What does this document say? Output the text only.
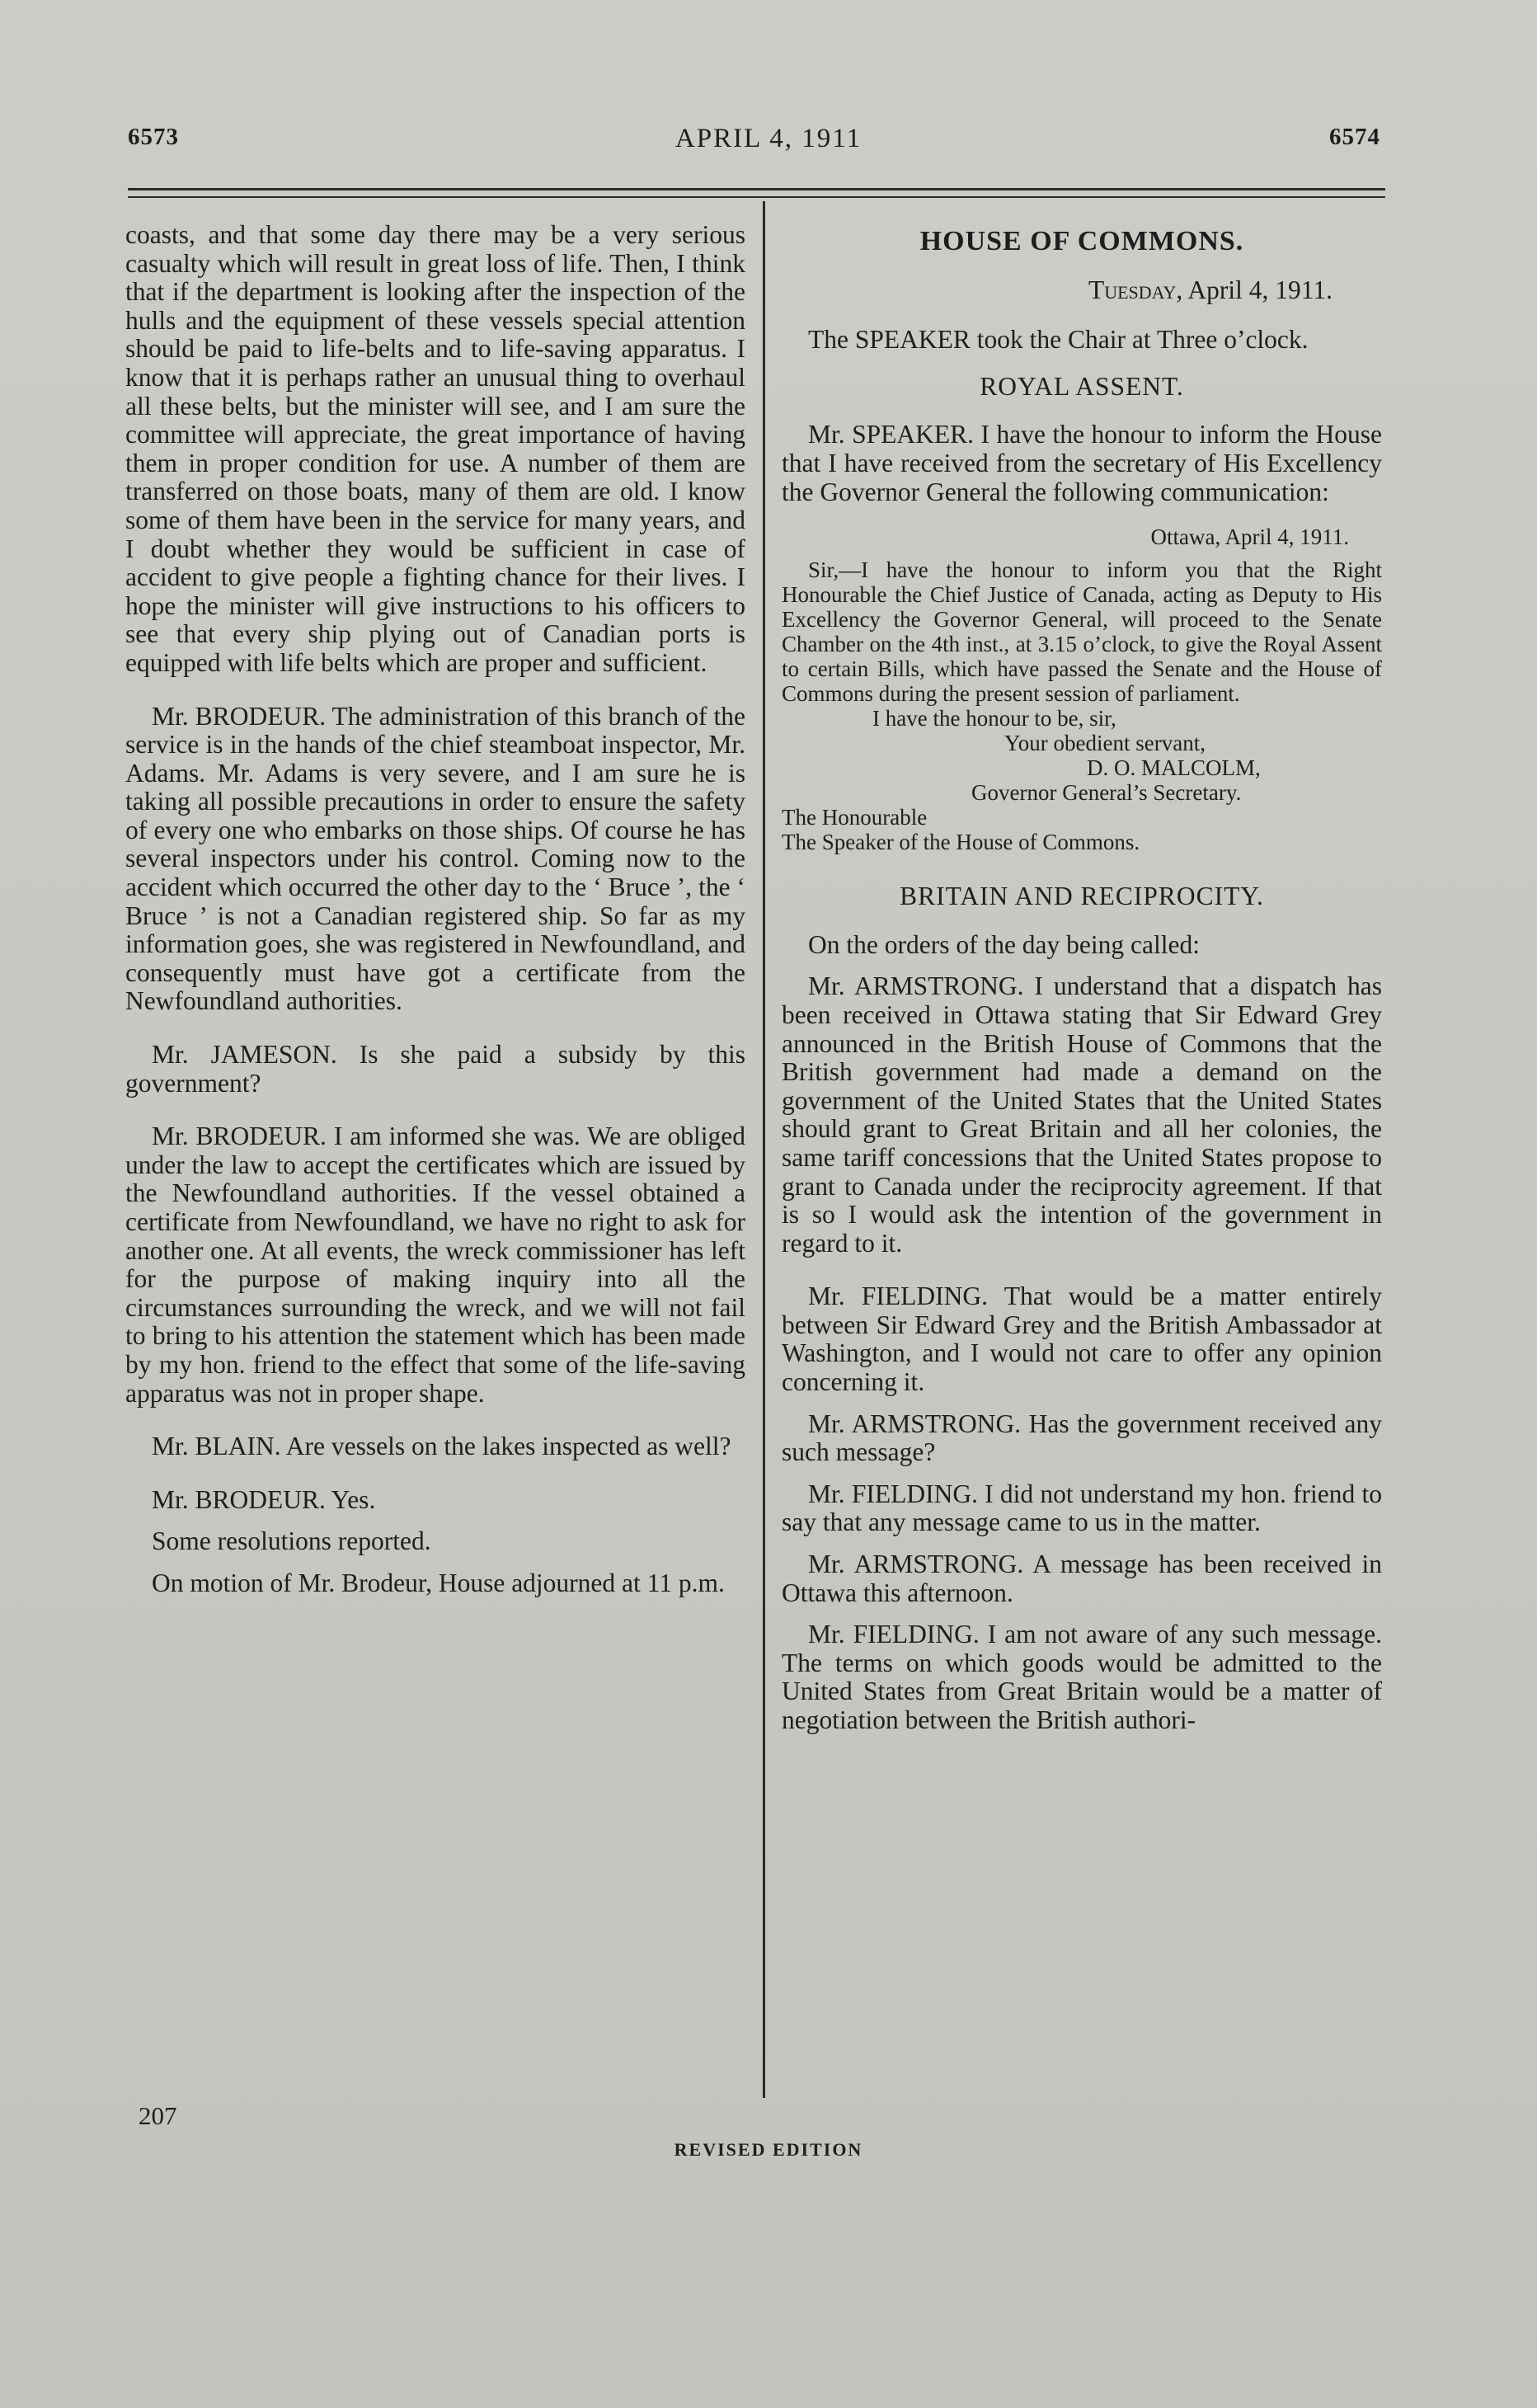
APRIL 4, 1911
6573	6574

coasts, and that some day there may be a very serious casualty which will result in great loss of life. Then, I think that if the department is looking after the inspection of the hulls and the equipment of these vessels special attention should be paid to life-belts and to life-saving apparatus. I know that it is perhaps rather an unusual thing to overhaul all these belts, but the minister will see, and I am sure the committee will appreciate, the great importance of having them in proper condition for use. A number of them are transferred on those boats, many of them are old. I know some of them have been in the service for many years, and I doubt whether they would be sufficient in case of accident to give people a fighting chance for their lives. I hope the minister will give instructions to his officers to see that every ship plying out of Canadian ports is equipped with life belts which are proper and sufficient.

Mr. BRODEUR. The administration of this branch of the service is in the hands of the chief steamboat inspector, Mr. Adams. Mr. Adams is very severe, and I am sure he is taking all possible precautions in order to ensure the safety of every one who embarks on those ships. Of course he has several inspectors under his control. Coming now to the accident which occurred the other day to the ‘ Bruce ’, the ‘ Bruce ’ is not a Canadian registered ship. So far as my information goes, she was registered in Newfoundland, and consequently must have got a certificate from the Newfoundland authorities.

Mr. JAMESON. Is she paid a subsidy by this government?

Mr. BRODEUR. I am informed she was. We are obliged under the law to accept the certificates which are issued by the Newfoundland authorities. If the vessel obtained a certificate from Newfoundland, we have no right to ask for another one. At all events, the wreck commissioner has left for the purpose of making inquiry into all the circumstances surrounding the wreck, and we will not fail to bring to his attention the statement which has been made by my hon. friend to the effect that some of the life-saving apparatus was not in proper shape.

Mr. BLAIN. Are vessels on the lakes inspected as well?

Mr. BRODEUR. Yes.

Some resolutions reported.

On motion of Mr. Brodeur, House adjourned at 11 p.m.

HOUSE OF COMMONS.

Tuesday, April 4, 1911.

The SPEAKER took the Chair at Three o’clock.

ROYAL ASSENT.

Mr. SPEAKER. I have the honour to inform the House that I have received from the secretary of His Excellency the Governor General the following communication:

Ottawa, April 4, 1911.

Sir,—I have the honour to inform you that the Right Honourable the Chief Justice of Canada, acting as Deputy to His Excellency the Governor General, will proceed to the Senate Chamber on the 4th inst., at 3.15 o’clock, to give the Royal Assent to certain Bills, which have passed the Senate and the House of Commons during the present session of parliament.

I have the honour to be, sir,
Your obedient servant,
D. O. MALCOLM,
Governor General’s Secretary.
The Honourable
The Speaker of the House of Commons.

BRITAIN AND RECIPROCITY.

On the orders of the day being called:

Mr. ARMSTRONG. I understand that a dispatch has been received in Ottawa stating that Sir Edward Grey announced in the British House of Commons that the British government had made a demand on the government of the United States that the United States should grant to Great Britain and all her colonies, the same tariff concessions that the United States propose to grant to Canada under the reciprocity agreement. If that is so I would ask the intention of the government in regard to it.

Mr. FIELDING. That would be a matter entirely between Sir Edward Grey and the British Ambassador at Washington, and I would not care to offer any opinion concerning it.

Mr. ARMSTRONG. Has the government received any such message?

Mr. FIELDING. I did not understand my hon. friend to say that any message came to us in the matter.

Mr. ARMSTRONG. A message has been received in Ottawa this afternoon.

Mr. FIELDING. I am not aware of any such message. The terms on which goods would be admitted to the United States from Great Britain would be a matter of negotiation between the British authori-

207
REVISED EDITION
